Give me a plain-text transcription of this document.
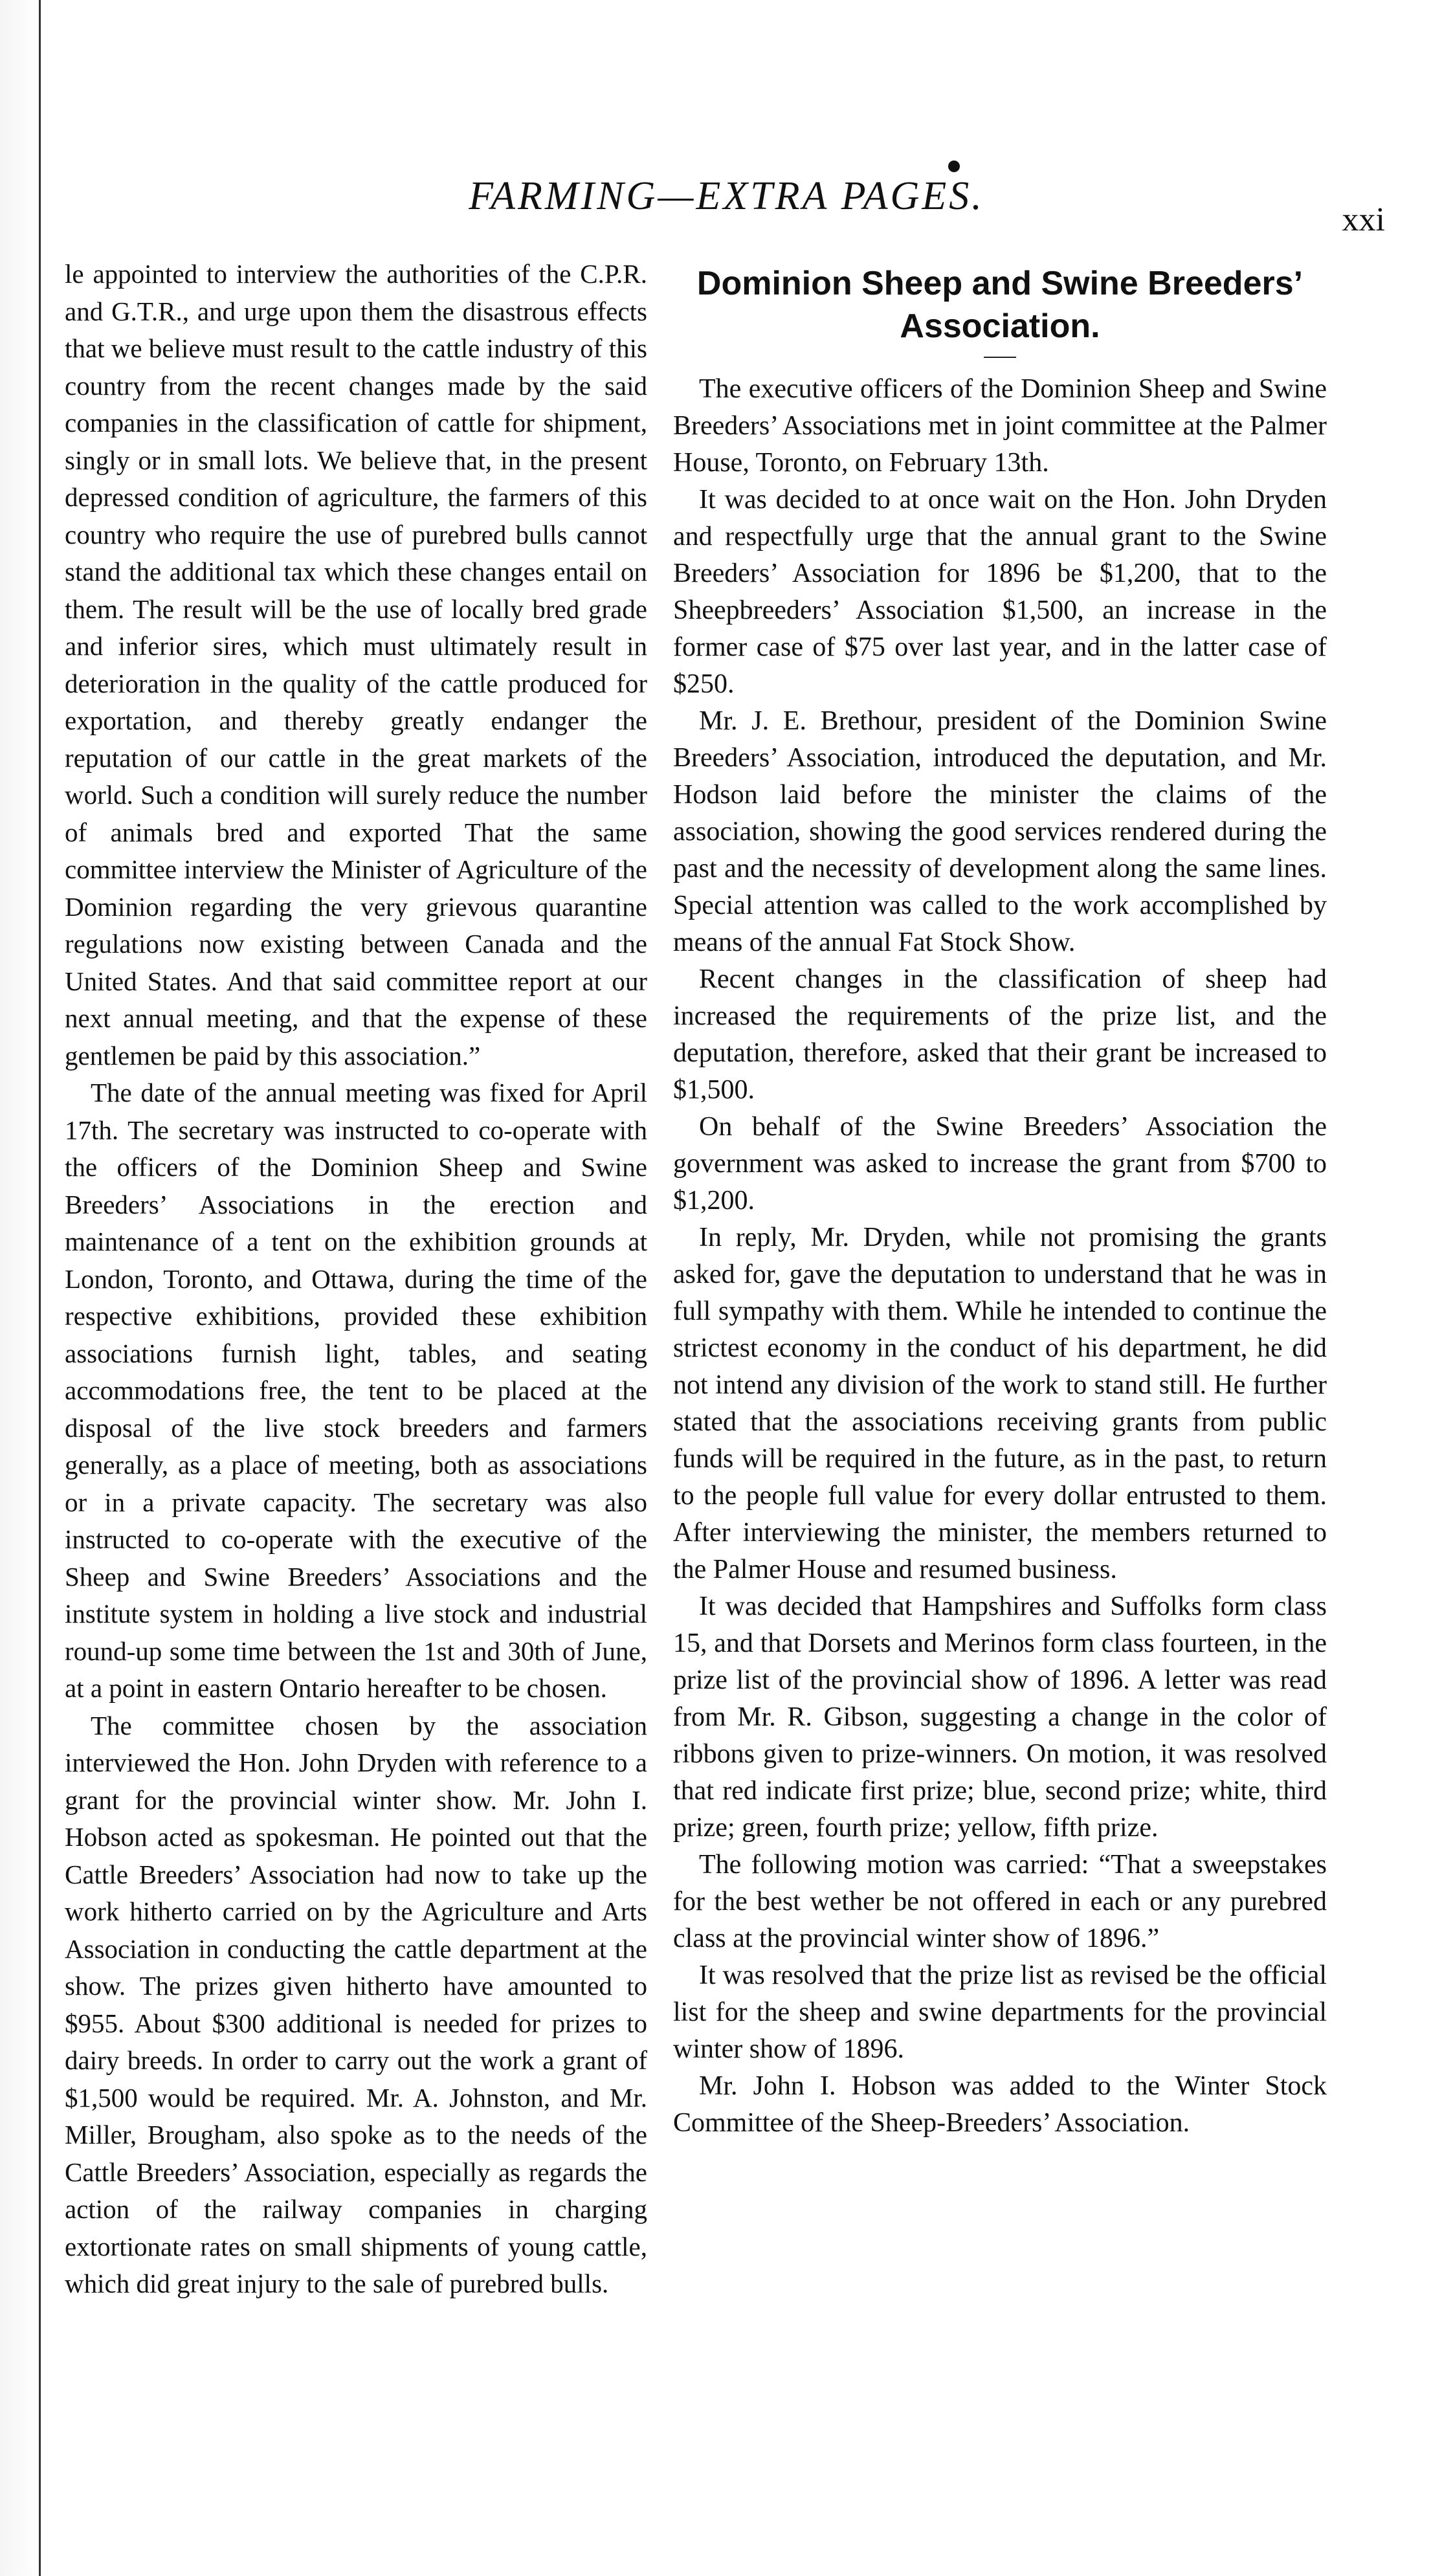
FARMING—EXTRA PAGES.
xxi

le appointed to interview the authorities of the C.P.R. and G.T.R., and urge upon them the disastrous effects that we believe must result to the cattle industry of this country from the recent changes made by the said companies in the classification of cattle for shipment, singly or in small lots. We believe that, in the present depressed condition of agriculture, the farmers of this country who require the use of purebred bulls cannot stand the additional tax which these changes entail on them. The result will be the use of locally bred grade and inferior sires, which must ultimately result in deterioration in the quality of the cattle produced for exportation, and thereby greatly endanger the reputation of our cattle in the great markets of the world. Such a condition will surely reduce the number of animals bred and exported That the same committee interview the Minister of Agriculture of the Dominion regarding the very grievous quarantine regulations now existing between Canada and the United States. And that said committee report at our next annual meeting, and that the expense of these gentlemen be paid by this association.”

The date of the annual meeting was fixed for April 17th. The secretary was instructed to co-operate with the officers of the Dominion Sheep and Swine Breeders’ Associations in the erection and maintenance of a tent on the exhibition grounds at London, Toronto, and Ottawa, during the time of the respective exhibitions, provided these exhibition associations furnish light, tables, and seating accommodations free, the tent to be placed at the disposal of the live stock breeders and farmers generally, as a place of meeting, both as associations or in a private capacity. The secretary was also instructed to co-operate with the executive of the Sheep and Swine Breeders’ Associations and the institute system in holding a live stock and industrial round-up some time between the 1st and 30th of June, at a point in eastern Ontario hereafter to be chosen.

The committee chosen by the association interviewed the Hon. John Dryden with reference to a grant for the provincial winter show. Mr. John I. Hobson acted as spokesman. He pointed out that the Cattle Breeders’ Association had now to take up the work hitherto carried on by the Agriculture and Arts Association in conducting the cattle department at the show. The prizes given hitherto have amounted to $955. About $300 additional is needed for prizes to dairy breeds. In order to carry out the work a grant of $1,500 would be required. Mr. A. Johnston, and Mr. Miller, Brougham, also spoke as to the needs of the Cattle Breeders’ Association, especially as regards the action of the railway companies in charging extortionate rates on small shipments of young cattle, which did great injury to the sale of purebred bulls.

Dominion Sheep and Swine Breeders’ Association.

The executive officers of the Dominion Sheep and Swine Breeders’ Associations met in joint committee at the Palmer House, Toronto, on February 13th.

It was decided to at once wait on the Hon. John Dryden and respectfully urge that the annual grant to the Swine Breeders’ Association for 1896 be $1,200, that to the Sheepbreeders’ Association $1,500, an increase in the former case of $75 over last year, and in the latter case of $250.

Mr. J. E. Brethour, president of the Dominion Swine Breeders’ Association, introduced the deputation, and Mr. Hodson laid before the minister the claims of the association, showing the good services rendered during the past and the necessity of development along the same lines. Special attention was called to the work accomplished by means of the annual Fat Stock Show.

Recent changes in the classification of sheep had increased the requirements of the prize list, and the deputation, therefore, asked that their grant be increased to $1,500.

On behalf of the Swine Breeders’ Association the government was asked to increase the grant from $700 to $1,200.

In reply, Mr. Dryden, while not promising the grants asked for, gave the deputation to understand that he was in full sympathy with them. While he intended to continue the strictest economy in the conduct of his department, he did not intend any division of the work to stand still. He further stated that the associations receiving grants from public funds will be required in the future, as in the past, to return to the people full value for every dollar entrusted to them. After interviewing the minister, the members returned to the Palmer House and resumed business.

It was decided that Hampshires and Suffolks form class 15, and that Dorsets and Merinos form class fourteen, in the prize list of the provincial show of 1896. A letter was read from Mr. R. Gibson, suggesting a change in the color of ribbons given to prize-winners. On motion, it was resolved that red indicate first prize; blue, second prize; white, third prize; green, fourth prize; yellow, fifth prize.

The following motion was carried: “That a sweepstakes for the best wether be not offered in each or any purebred class at the provincial winter show of 1896.”

It was resolved that the prize list as revised be the official list for the sheep and swine departments for the provincial winter show of 1896.

Mr. John I. Hobson was added to the Winter Stock Committee of the Sheep-Breeders’ Association.
